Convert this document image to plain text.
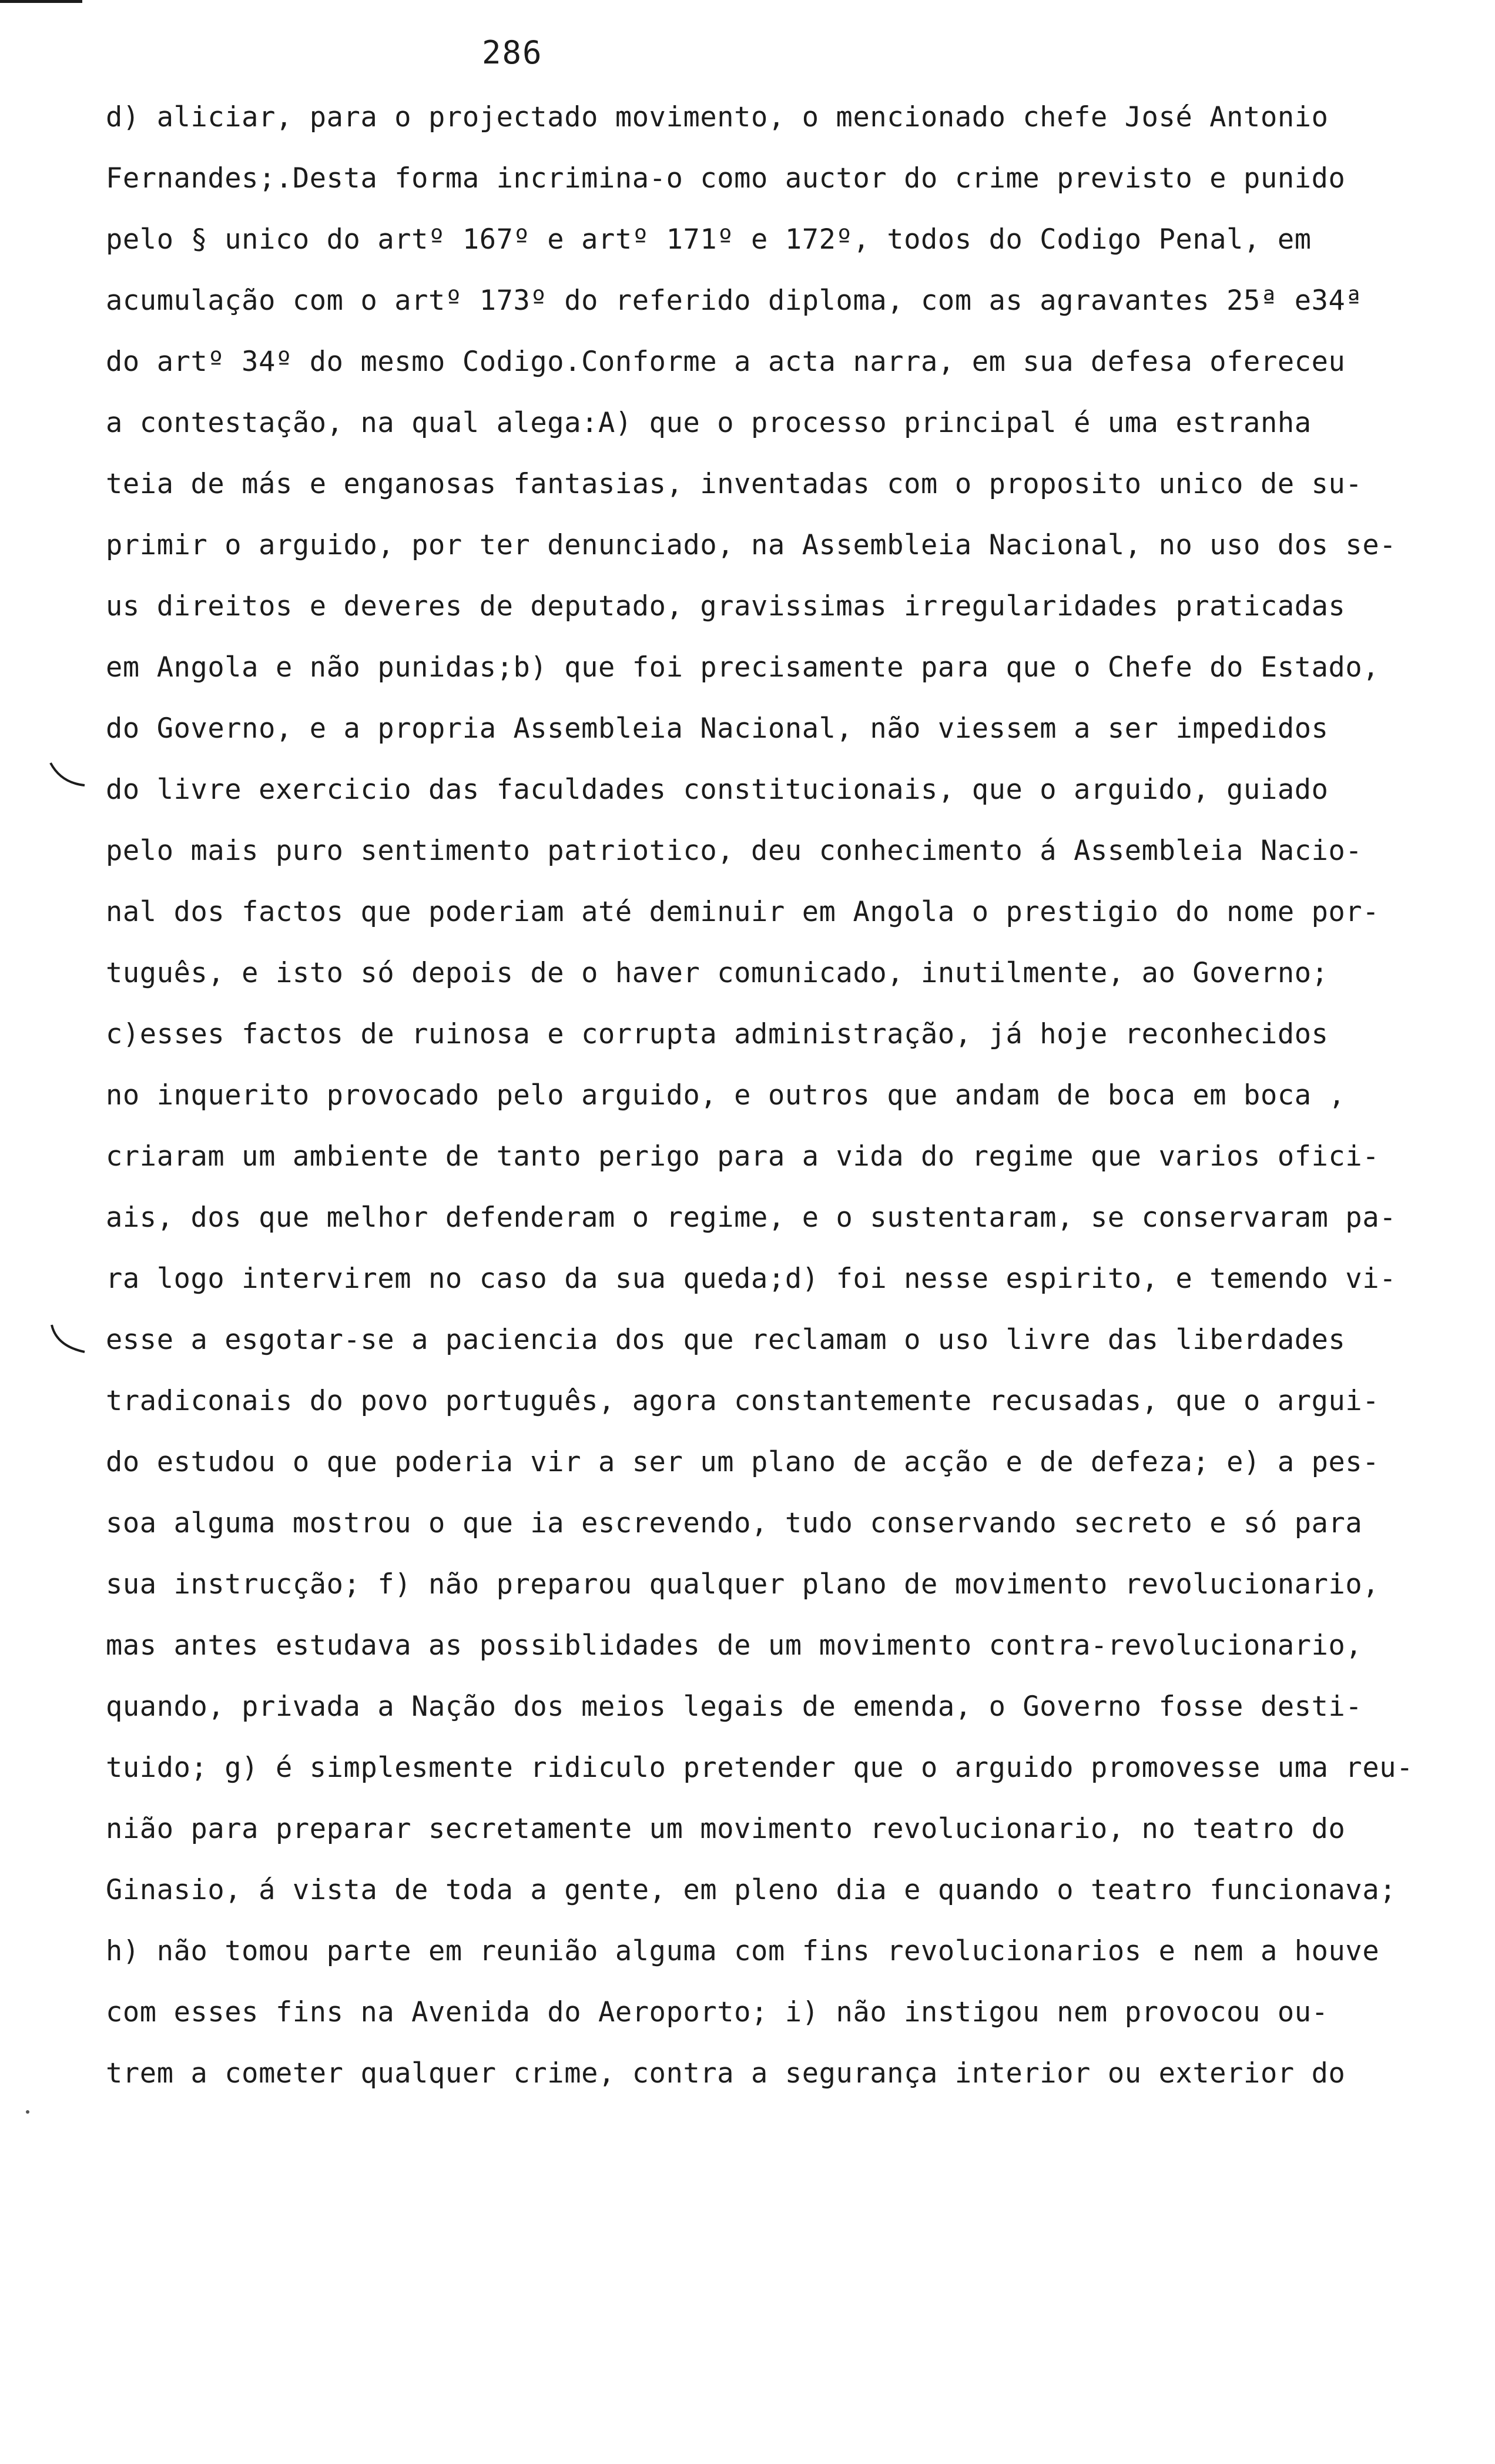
286
d) aliciar, para o projectado movimento, o mencionado chefe José Antonio
Fernandes;.Desta forma incrimina-o como auctor do crime previsto e punido
pelo § unico do artº 167º e artº 171º e 172º, todos do Codigo Penal, em
acumulação com o artº 173º do referido diploma, com as agravantes 25ª e34ª
do artº 34º do mesmo Codigo.Conforme a acta narra, em sua defesa ofereceu
a contestação, na qual alega:A) que o processo principal é uma estranha
teia de más e enganosas fantasias, inventadas com o proposito unico de su-
primir o arguido, por ter denunciado, na Assembleia Nacional, no uso dos se-
us direitos e deveres de deputado, gravissimas irregularidades praticadas
em Angola e não punidas;b) que foi precisamente para que o Chefe do Estado,
do Governo, e a propria Assembleia Nacional, não viessem a ser impedidos
do livre exercicio das faculdades constitucionais, que o arguido, guiado
pelo mais puro sentimento patriotico, deu conhecimento á Assembleia Nacio-
nal dos factos que poderiam até deminuir em Angola o prestigio do nome por-
tuguês, e isto só depois de o haver comunicado, inutilmente, ao Governo;
c)esses factos de ruinosa e corrupta administração, já hoje reconhecidos
no inquerito provocado pelo arguido, e outros que andam de boca em boca ,
criaram um ambiente de tanto perigo para a vida do regime que varios ofici-
ais, dos que melhor defenderam o regime, e o sustentaram, se conservaram pa-
ra logo intervirem no caso da sua queda;d) foi nesse espirito, e temendo vi-
esse a esgotar-se a paciencia dos que reclamam o uso livre das liberdades
tradiconais do povo português, agora constantemente recusadas, que o argui-
do estudou o que poderia vir a ser um plano de acção e de defeza; e) a pes-
soa alguma mostrou o que ia escrevendo, tudo conservando secreto e só para
sua instrucção; f) não preparou qualquer plano de movimento revolucionario,
mas antes estudava as possiblidades de um movimento contra-revolucionario,
quando, privada a Nação dos meios legais de emenda, o Governo fosse desti-
tuido; g) é simplesmente ridiculo pretender que o arguido promovesse uma reu-
nião para preparar secretamente um movimento revolucionario, no teatro do
Ginasio, á vista de toda a gente, em pleno dia e quando o teatro funcionava;
h) não tomou parte em reunião alguma com fins revolucionarios e nem a houve
com esses fins na Avenida do Aeroporto; i) não instigou nem provocou ou-
trem a cometer qualquer crime, contra a segurança interior ou exterior do
